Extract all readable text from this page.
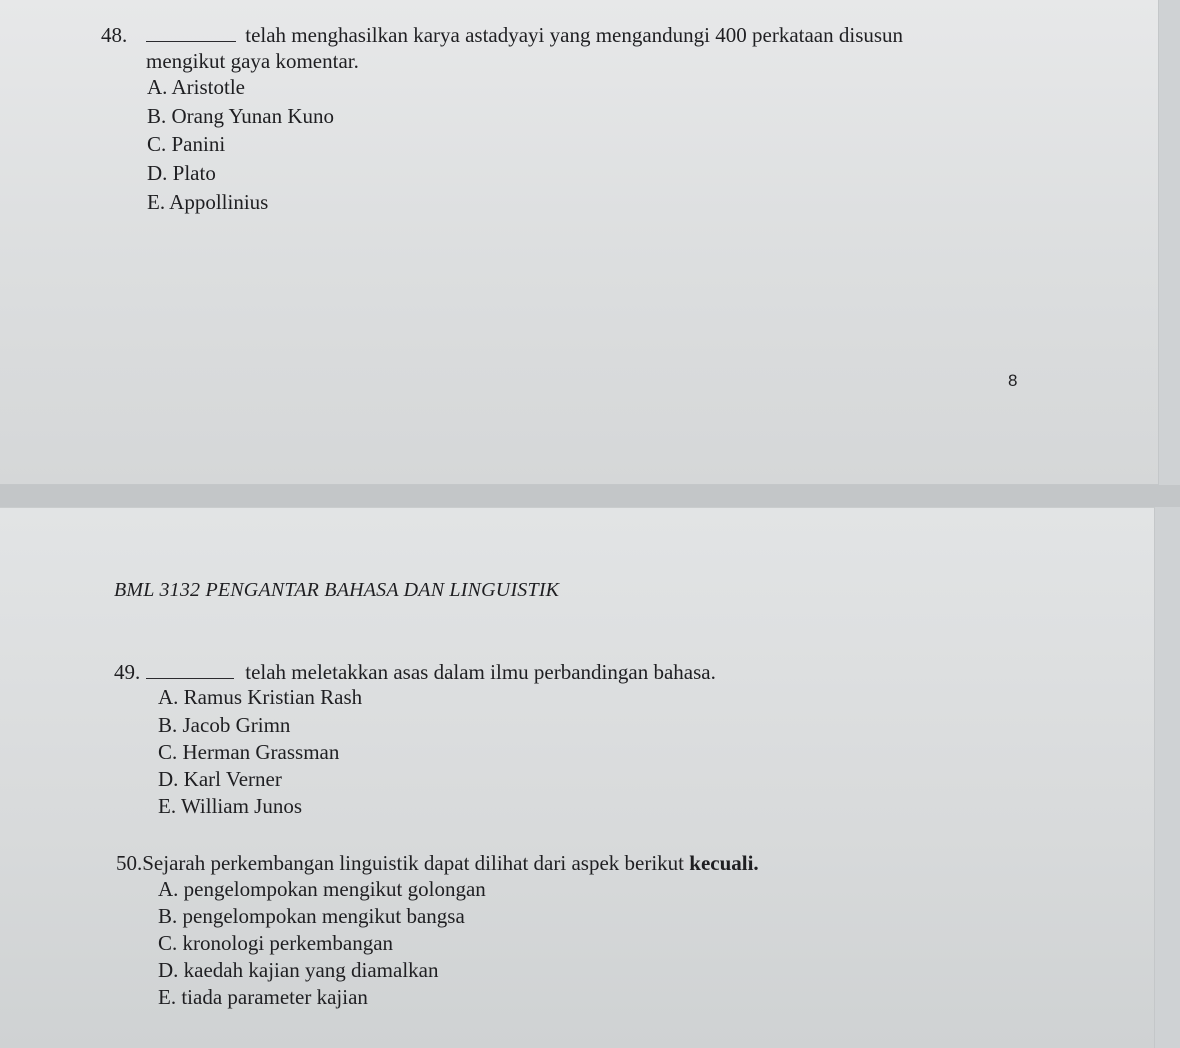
48.	telah menghasilkan karya astadyayi yang mengandungi 400 perkataan disusun
mengikut gaya komentar.
A. Aristotle
B. Orang Yunan Kuno
C. Panini
D. Plato
E. Appollinius
8
BML 3132 PENGANTAR BAHASA DAN LINGUISTIK
49.	telah meletakkan asas dalam ilmu perbandingan bahasa.
A. Ramus Kristian Rash
B. Jacob Grimn
C. Herman Grassman
D. Karl Verner
E. William Junos
50.Sejarah perkembangan linguistik dapat dilihat dari aspek berikut kecuali.
A. pengelompokan mengikut golongan
B. pengelompokan mengikut bangsa
C. kronologi perkembangan
D. kaedah kajian yang diamalkan
E. tiada parameter kajian
